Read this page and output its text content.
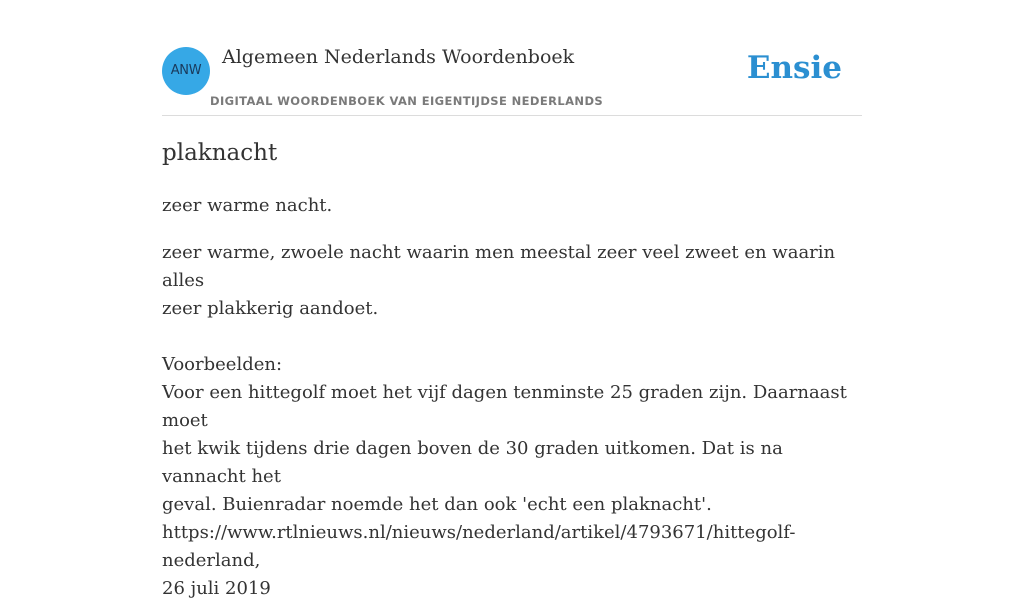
ANW
Algemeen Nederlands Woordenboek
DIGITAAL WOORDENBOEK VAN EIGENTIJDSE NEDERLANDS
Ensie
plaknacht
zeer warme nacht.

zeer warme, zwoele nacht waarin men meestal zeer veel zweet en waarin alles

zeer plakkerig aandoet.

Voorbeelden:

Voor een hittegolf moet het vijf dagen tenminste 25 graden zijn. Daarnaast moet

het kwik tijdens drie dagen boven de 30 graden uitkomen. Dat is na vannacht het

geval. Buienradar noemde het dan ook 'echt een plaknacht'.

https://www.rtlnieuws.nl/nieuws/nederland/artikel/4793671/hittegolf-nederland,

26 juli 2019
